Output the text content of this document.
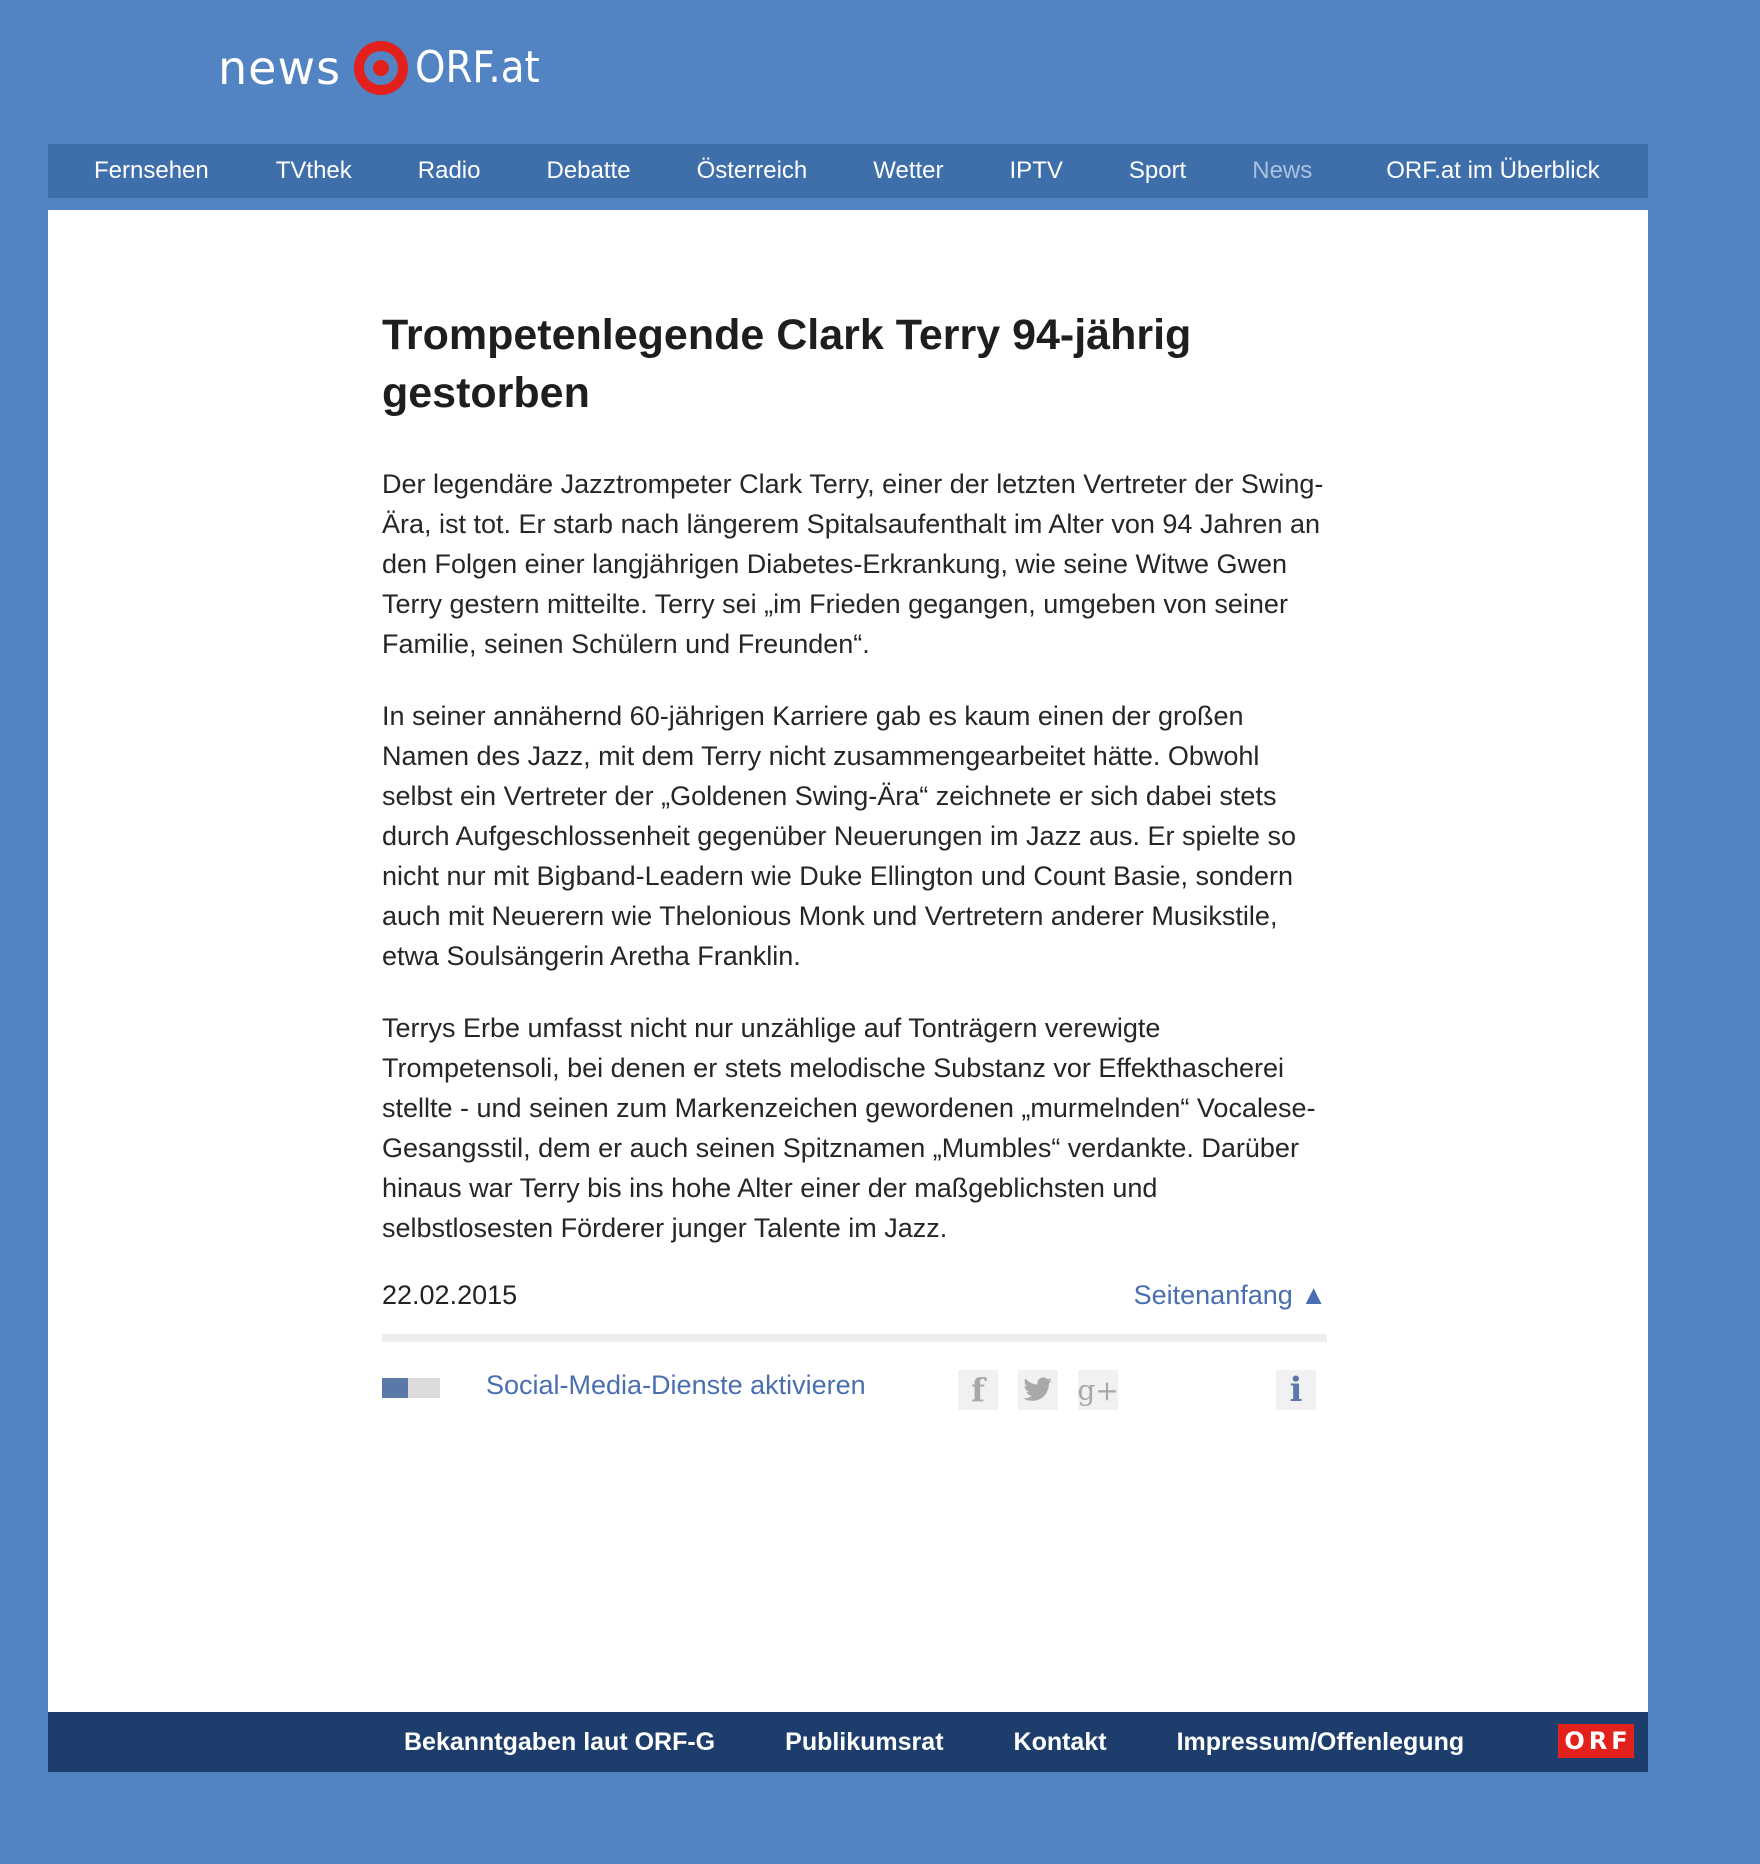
news ORF.at
Fernsehen	TVthek	Radio	Debatte	Österreich	Wetter	IPTV	Sport	News	ORF.at im Überblick
Trompetenlegende Clark Terry 94-jährig gestorben

Der legendäre Jazztrompeter Clark Terry, einer der letzten Vertreter der Swing-Ära, ist tot. Er starb nach längerem Spitalsaufenthalt im Alter von 94 Jahren an den Folgen einer langjährigen Diabetes-Erkrankung, wie seine Witwe Gwen Terry gestern mitteilte. Terry sei „im Frieden gegangen, umgeben von seiner Familie, seinen Schülern und Freunden“.

In seiner annähernd 60-jährigen Karriere gab es kaum einen der großen Namen des Jazz, mit dem Terry nicht zusammengearbeitet hätte. Obwohl selbst ein Vertreter der „Goldenen Swing-Ära“ zeichnete er sich dabei stets durch Aufgeschlossenheit gegenüber Neuerungen im Jazz aus. Er spielte so nicht nur mit Bigband-Leadern wie Duke Ellington und Count Basie, sondern auch mit Neuerern wie Thelonious Monk und Vertretern anderer Musikstile, etwa Soulsängerin Aretha Franklin.

Terrys Erbe umfasst nicht nur unzählige auf Tonträgern verewigte Trompetensoli, bei denen er stets melodische Substanz vor Effekthascherei stellte - und seinen zum Markenzeichen gewordenen „murmelnden“ Vocalese-Gesangsstil, dem er auch seinen Spitznamen „Mumbles“ verdankte. Darüber hinaus war Terry bis ins hohe Alter einer der maßgeblichsten und selbstlosesten Förderer junger Talente im Jazz.

22.02.2015	Seitenanfang ▲
Social-Media-Dienste aktivieren	f	g+	i
Bekanntgaben laut ORF-G	Publikumsrat	Kontakt	Impressum/Offenlegung	ORF
